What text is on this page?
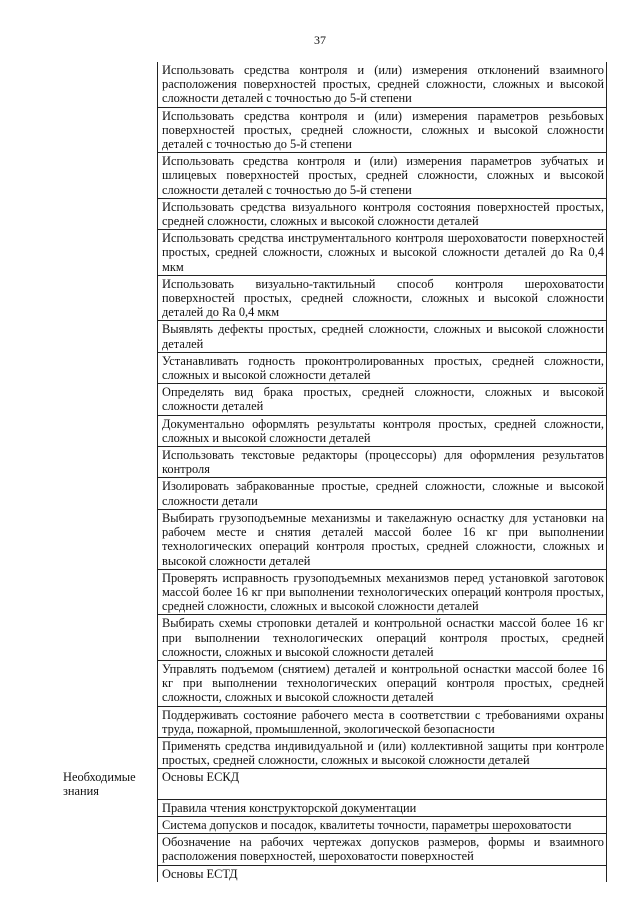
37
	Использовать средства контроля и (или) измерения отклонений взаимного расположения поверхностей простых, средней сложности, сложных и высокой сложности деталей с точностью до 5-й степени
	Использовать средства контроля и (или) измерения параметров резьбовых поверхностей простых, средней сложности, сложных и высокой сложности деталей с точностью до 5-й степени
	Использовать средства контроля и (или) измерения параметров зубчатых и шлицевых поверхностей простых, средней сложности, сложных и высокой сложности деталей с точностью до 5-й степени
	Использовать средства визуального контроля состояния поверхностей простых, средней сложности, сложных и высокой сложности деталей
	Использовать средства инструментального контроля шероховатости поверхностей простых, средней сложности, сложных и высокой сложности деталей до Ra 0,4 мкм
	Использовать визуально-тактильный способ контроля шероховатости поверхностей простых, средней сложности, сложных и высокой сложности деталей до Ra 0,4 мкм
	Выявлять дефекты простых, средней сложности, сложных и высокой сложности деталей
	Устанавливать годность проконтролированных простых, средней сложности, сложных и высокой сложности деталей
	Определять вид брака простых, средней сложности, сложных и высокой сложности деталей
	Документально оформлять результаты контроля простых, средней сложности, сложных и высокой сложности деталей
	Использовать текстовые редакторы (процессоры) для оформления результатов контроля
	Изолировать забракованные простые, средней сложности, сложные и высокой сложности детали
	Выбирать грузоподъемные механизмы и такелажную оснастку для установки на рабочем месте и снятия деталей массой более 16 кг при выполнении технологических операций контроля простых, средней сложности, сложных и высокой сложности деталей
	Проверять исправность грузоподъемных механизмов перед установкой заготовок массой более 16 кг при выполнении технологических операций контроля простых, средней сложности, сложных и высокой сложности деталей
	Выбирать схемы строповки деталей и контрольной оснастки массой более 16 кг при выполнении технологических операций контроля простых, средней сложности, сложных и высокой сложности деталей
	Управлять подъемом (снятием) деталей и контрольной оснастки массой более 16 кг при выполнении технологических операций контроля простых, средней сложности, сложных и высокой сложности деталей
	Поддерживать состояние рабочего места в соответствии с требованиями охраны труда, пожарной, промышленной, экологической безопасности
	Применять средства индивидуальной и (или) коллективной защиты при контроле простых, средней сложности, сложных и высокой сложности деталей
Необходимые знания	Основы ЕСКД
	Правила чтения конструкторской документации
	Система допусков и посадок, квалитеты точности, параметры шероховатости
	Обозначение на рабочих чертежах допусков размеров, формы и взаимного расположения поверхностей, шероховатости поверхностей
	Основы ЕСТД
